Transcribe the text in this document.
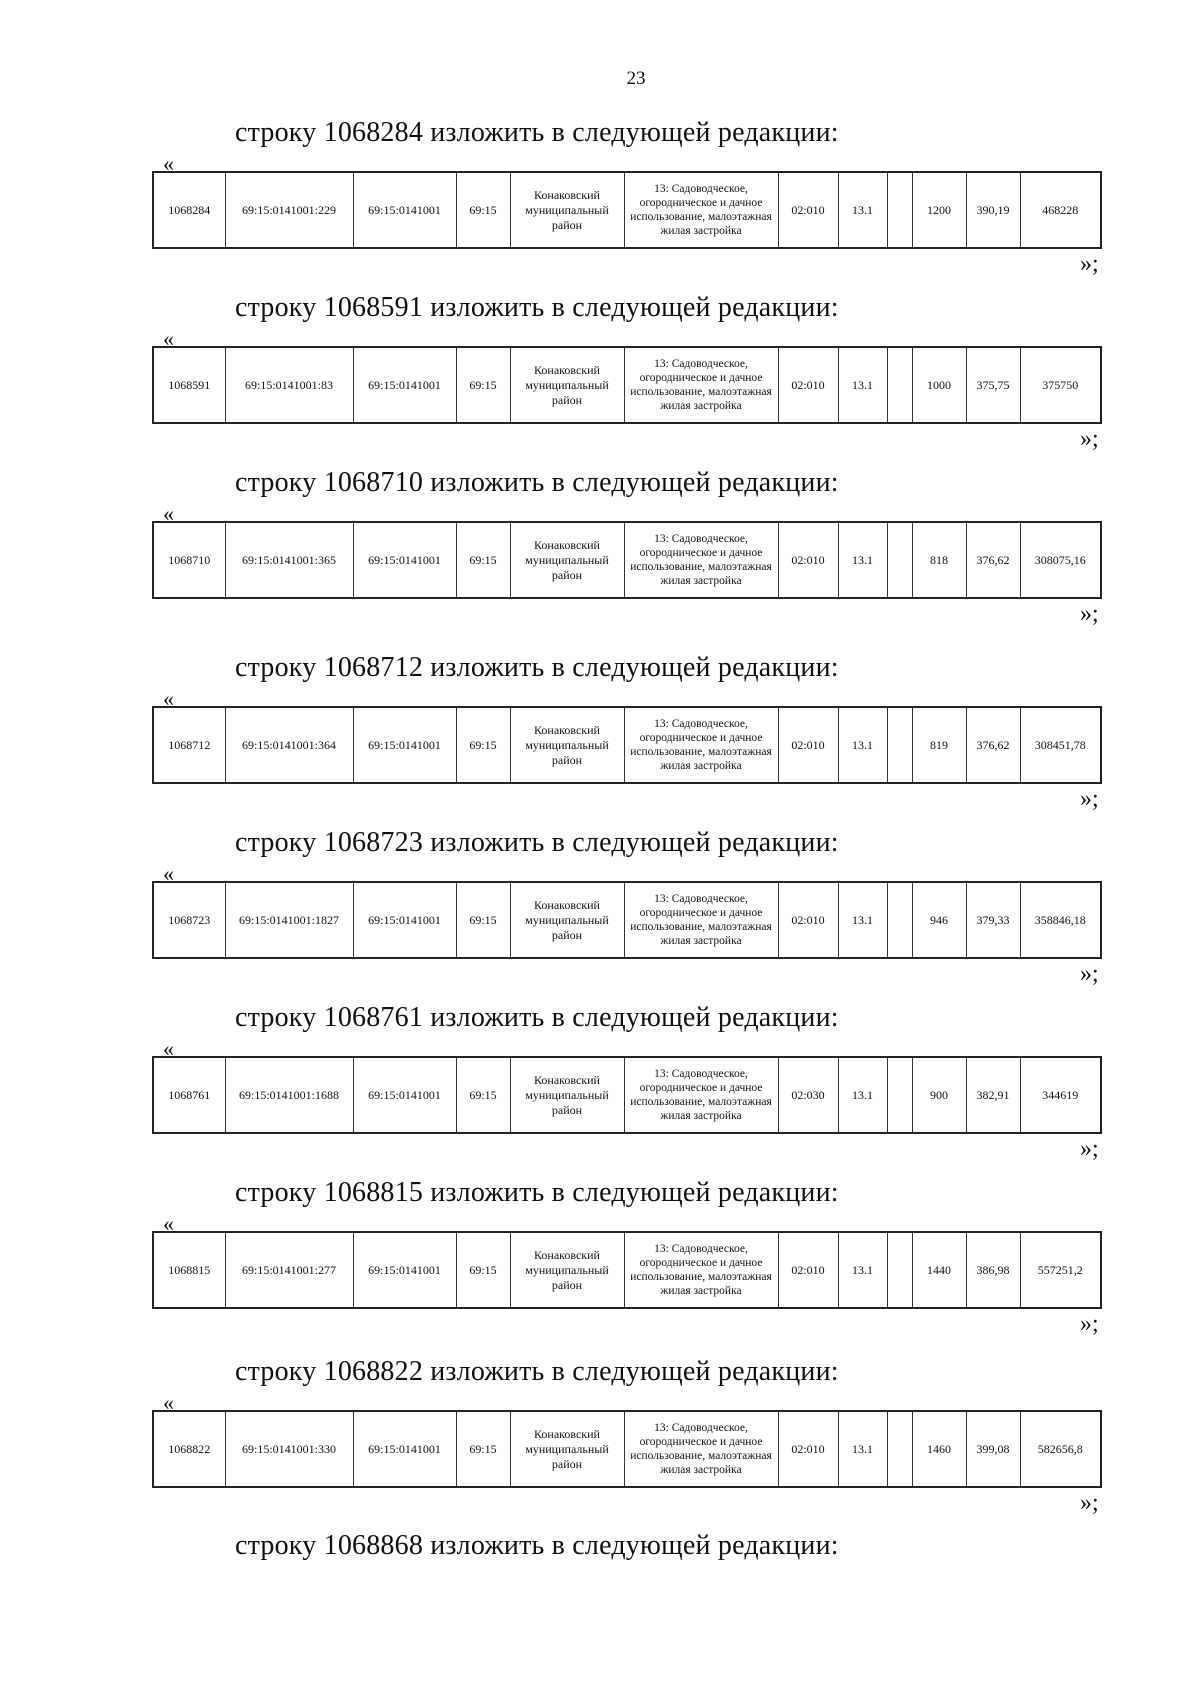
23
строку 1068284 изложить в следующей редакции:
«
1068284	69:15:0141001:229	69:15:0141001	69:15	Конаковский муниципальный район	13: Садоводческое, огородническое и дачное использование, малоэтажная жилая застройка	02:010	13.1		1200	390,19	468228
»;
строку 1068591 изложить в следующей редакции:
«
1068591	69:15:0141001:83	69:15:0141001	69:15	Конаковский муниципальный район	13: Садоводческое, огородническое и дачное использование, малоэтажная жилая застройка	02:010	13.1		1000	375,75	375750
»;
строку 1068710 изложить в следующей редакции:
«
1068710	69:15:0141001:365	69:15:0141001	69:15	Конаковский муниципальный район	13: Садоводческое, огородническое и дачное использование, малоэтажная жилая застройка	02:010	13.1		818	376,62	308075,16
»;
строку 1068712 изложить в следующей редакции:
«
1068712	69:15:0141001:364	69:15:0141001	69:15	Конаковский муниципальный район	13: Садоводческое, огородническое и дачное использование, малоэтажная жилая застройка	02:010	13.1		819	376,62	308451,78
»;
строку 1068723 изложить в следующей редакции:
«
1068723	69:15:0141001:1827	69:15:0141001	69:15	Конаковский муниципальный район	13: Садоводческое, огородническое и дачное использование, малоэтажная жилая застройка	02:010	13.1		946	379,33	358846,18
»;
строку 1068761 изложить в следующей редакции:
«
1068761	69:15:0141001:1688	69:15:0141001	69:15	Конаковский муниципальный район	13: Садоводческое, огородническое и дачное использование, малоэтажная жилая застройка	02:030	13.1		900	382,91	344619
»;
строку 1068815 изложить в следующей редакции:
«
1068815	69:15:0141001:277	69:15:0141001	69:15	Конаковский муниципальный район	13: Садоводческое, огородническое и дачное использование, малоэтажная жилая застройка	02:010	13.1		1440	386,98	557251,2
»;
строку 1068822 изложить в следующей редакции:
«
1068822	69:15:0141001:330	69:15:0141001	69:15	Конаковский муниципальный район	13: Садоводческое, огородническое и дачное использование, малоэтажная жилая застройка	02:010	13.1		1460	399,08	582656,8
»;
строку 1068868 изложить в следующей редакции:
